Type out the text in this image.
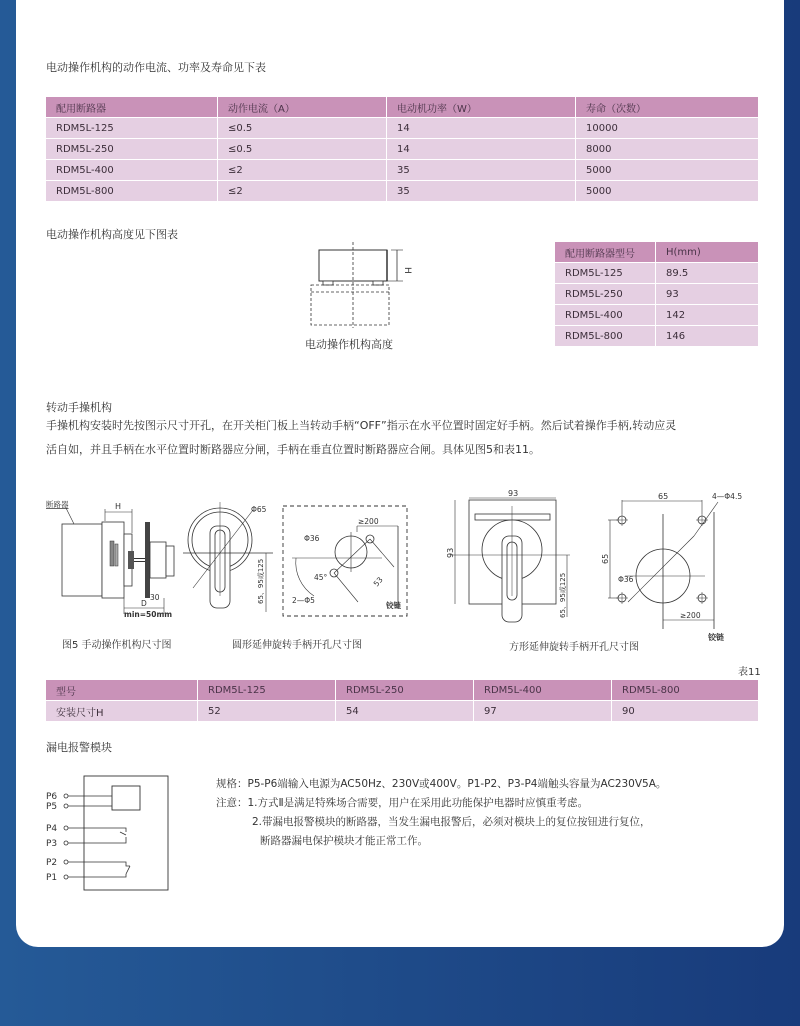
电动操作机构的动作电流、功率及寿命见下表
配用断路器	动作电流（A）	电动机功率（W）	寿命（次数）
RDM5L-125	≤0.5	14	10000
RDM5L-250	≤0.5	14	8000
RDM5L-400	≤2	35	5000
RDM5L-800	≤2	35	5000
电动操作机构高度见下图表
H
电动操作机构高度
配用断路器型号	H(mm)
RDM5L-125	89.5
RDM5L-250	93
RDM5L-400	142
RDM5L-800	146
转动手操机构
手操机构安装时先按图示尺寸开孔，在开关柜门板上当转动手柄“OFF”指示在水平位置时固定好手柄。然后试着操作手柄,转动应灵
活自如，并且手柄在水平位置时断路器应分闸，手柄在垂直位置时断路器应合闸。具体见图5和表11。
断路器	H
D
30
min=50mm
图5 手动操作机构尺寸图
Φ65
65、95或125
≥200
Φ36
45°
2—Φ5
53
铰链
圆形延伸旋转手柄开孔尺寸图
93
93
65、95或125
65
65
4—Φ4.5
Φ36
≥200
铰链
方形延伸旋转手柄开孔尺寸图
表11
型号	RDM5L-125	RDM5L-250	RDM5L-400	RDM5L-800
安装尺寸H	52	54	97	90
漏电报警模块
P6
P5
P4
P3
P2
P1
规格：P5-P6端输入电源为AC50Hz、230V或400V。P1-P2、P3-P4端触头容量为AC230V5A。
注意：1.方式Ⅱ是满足特殊场合需要，用户在采用此功能保护电器时应慎重考虑。
2.带漏电报警模块的断路器，当发生漏电报警后，必须对模块上的复位按钮进行复位，
断路器漏电保护模块才能正常工作。
